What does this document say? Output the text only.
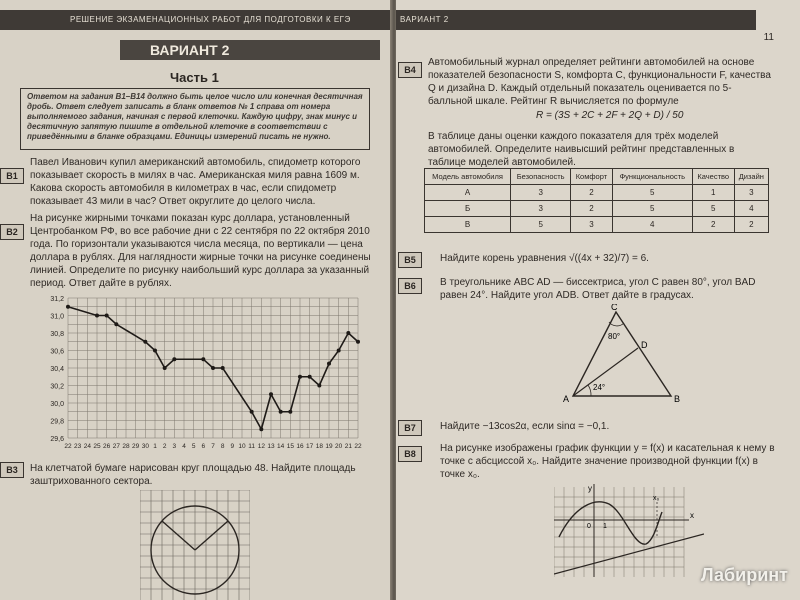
РЕШЕНИЕ ЭКЗАМЕНАЦИОННЫХ РАБОТ ДЛЯ ПОДГОТОВКИ К ЕГЭ
ВАРИАНТ 2
Часть 1
Ответом на задания В1–В14 должно быть целое число или конечная десятичная дробь. Ответ следует записать в бланк ответов № 1 справа от номера выполняемого задания, начиная с первой клеточки. Каждую цифру, знак минус и десятичную запятую пишите в отдельной клеточке в соответствии с приведёнными в бланке образцами. Единицы измерений писать не нужно.
В1
Павел Иванович купил американский автомобиль, спидометр которого показывает скорость в милях в час. Американская миля равна 1609 м. Какова скорость автомобиля в километрах в час, если спидометр показывает 43 мили в час? Ответ округлите до целого числа.
В2
На рисунке жирными точками показан курс доллара, установленный Центробанком РФ, во все рабочие дни с 22 сентября по 22 октября 2010 года. По горизонтали указываются числа месяца, по вертикали — цена доллара в рублях. Для наглядности жирные точки на рисунке соединены линией. Определите по рисунку наибольший курс доллара за указанный период. Ответ дайте в рублях.
29,6
29,8
30,0
30,2
30,4
30,6
30,8
31,0
31,2
22 23 24 25 26 27 28 29 30 1 2 3 4 5 6 7 8 9 10 11 12 13 14 15 16 17 18 19 20 21 22
В3	На клетчатой бумаге нарисован круг площадью 48. Найдите площадь заштрихованного сектора.
ВАРИАНТ 2
11
В4
Автомобильный журнал определяет рейтинги автомобилей на основе показателей безопасности S, комфорта C, функциональности F, качества Q и дизайна D. Каждый отдельный показатель оценивается по 5-балльной шкале. Рейтинг R вычисляется по формуле
R = (3S + 2C + 2F + 2Q + D) / 50
В таблице даны оценки каждого показателя для трёх моделей автомобилей. Определите наивысший рейтинг представленных в таблице моделей автомобилей.
Модель автомобиля	Безопасность	Комфорт	Функциональность	Качество	Дизайн
А	3	2	5	1	3
Б	3	2	5	5	4
В	5	3	4	2	2
В5	Найдите корень уравнения √((4x + 32)/7) = 6.
В6	В треугольнике ABC AD — биссектриса, угол C равен 80°, угол BAD равен 24°. Найдите угол ADB. Ответ дайте в градусах.
C
A	B
D
80°
24°
В7	Найдите −13cos2α, если sinα = −0,1.
В8	На рисунке изображены график функции y = f(x) и касательная к нему в точке с абсциссой x₀. Найдите значение производной функции f(x) в точке x₀.
y
x
x₀
1
0
Лабиринт
